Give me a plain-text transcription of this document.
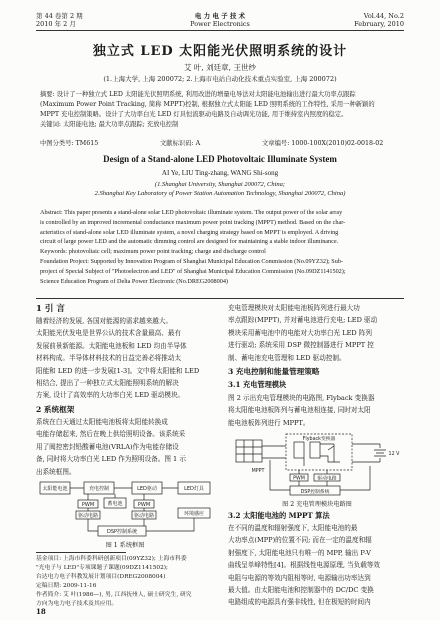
第 44 卷第 2 期
2010 年 2 月
电 力 电 子 技 术
Power Electronics
Vol.44, No.2
February, 2010
独立式 LED 太阳能光伏照明系统的设计
艾 叶, 刘廷章, 王世纱
(1.上海大学, 上海 200072; 2.上海市电站自动化技术重点实验室, 上海 200072)
摘要: 设计了一种独立式 LED 太阳能光伏照明系统, 利用改进的增量电导法对太阳能电池输出进行最大功率点跟踪
(Maximum Power Point Tracking, 简称 MPPT)控制, 根据独立式太阳能 LED 照明系统的工作特性, 采用一种新颖的
MPPT 充电控制策略。设计了大功率白光 LED 灯具恒流驱动电路及自动调光功能, 用于维持室内照度的稳定。
关键词: 太阳能电池; 最大功率点跟踪; 充放电控制
中图分类号: TM615	文献标识码: A	文章编号: 1000-100X(2010)02-0018-02
Design of a Stand-alone LED Photovoltaic Illuminate System
AI Ye, LIU Ting-zhang, WANG Shi-song
(1.Shanghai University, Shanghai 200072, China;
2.Shanghai Key Laboratory of Power Station Automation Technology, Shanghai 200072, China)
Abstract: This paper presents a stand-alone solar LED photovoltaic illuminate system. The output power of the solar array
is controlled by an improved incremental conductance maximum power point tracking (MPPT) method. Based on the char-
acteristics of stand-alone solar LED illuminate system, a novel charging strategy based on MPPT is employed. A driving
circuit of large power LED and the automatic dimming control are designed for maintaining a stable indoor illuminance.
Keywords: photovoltaic cell; maximum power point tracking; charge and discharge control
Foundation Project: Supported by Innovation Program of Shanghai Municipal Education Commission (No.09YZ32); Sub-
project of Special Subject of "Photoelectron and LED" of Shanghai Municipal Education Commission (No.09DZ1141502);
Science Education Program of Delta Power Electronic (No.DREG2008004)
1 引 言
随着经济的发展, 各国对能源的需求越来越大。
太阳能光伏发电是世界公认的技术含量最高、最有
发展前景新能源。太阳能电池板和 LED 均由半导体
材料构成。半导体材料技术的日益完善必将推动太
阳能和 LED 的进一步发展[1-3]。文中将太阳能和 LED
相结合, 提出了一种独立式太阳能照明系统的解决
方案, 设计了高效率的大功率白光 LED 驱动模块。
2 系统框架
系统在白天通过太阳能电池板将太阳能转换成
电能存储起来, 然后在晚上供给照明设备。该系统采
用了阀控密封铅酸蓄电池(VRLA)作为电能存储设
备, 同时将大功率白光 LED 作为照明设备。图 1 示
出系统框图。
太阳能电池	充电控制	LED驱动	LED灯具
蓄电池
PWM	PWM
驱动电路	驱动电路	环境感应
DSP控制系统
图 1 系统框图
基金项目: 上海市科委科研创新项目(09YZ32); 上海市科委
"光电子与 LED"专项课题子课题(09DZ1141502);
台达电力电子科教发展计划项目(DREG2008004)
定稿日期: 2009-11-16
作者简介: 艾 叶(1986—), 男, 江西抚州人, 硕士研究生, 研究
方向为电力电子技术及其应用。
18
充电管理模块对太阳能电池板阵列进行最大功
率点跟踪(MPPT), 并对蓄电池进行充电; LED 驱动
模块采用蓄电池中的电能对大功率白光 LED 阵列
进行驱动; 系统采用 DSP 微控制器进行 MPPT 控
制、蓄电池充电管理和 LED 驱动控制。
3 充电控制和能量管理策略
3.1 充电管理模块
图 2 示出充电管理模块的电路图, Flyback 变换器
将太阳能电池板阵列与蓄电池相连接, 同时对太阳
能电池板阵列进行 MPPT。
Flyback变换器
PWM	驱动电路
DSP控制系统
MPPT
12 V
图 2 充电管理模块电路图
3.2 太阳能电池的 MPPT 算法
在不同的温度和辐射强度下, 太阳能电池的最
大功率点(MPP)的位置不同; 而在一定的温度和辐
射强度下, 太阳能电池只有唯一的 MPP, 输出 P-V
曲线呈单峰特性[4]。根据线性电源原理, 当负载等效
电阻与电源的等效内阻相等时, 电源输出功率达到
最大值。由太阳能电池和控制器中的 DC/DC 变换
电路组成的电源具有强非线性, 但在极短的时间内
